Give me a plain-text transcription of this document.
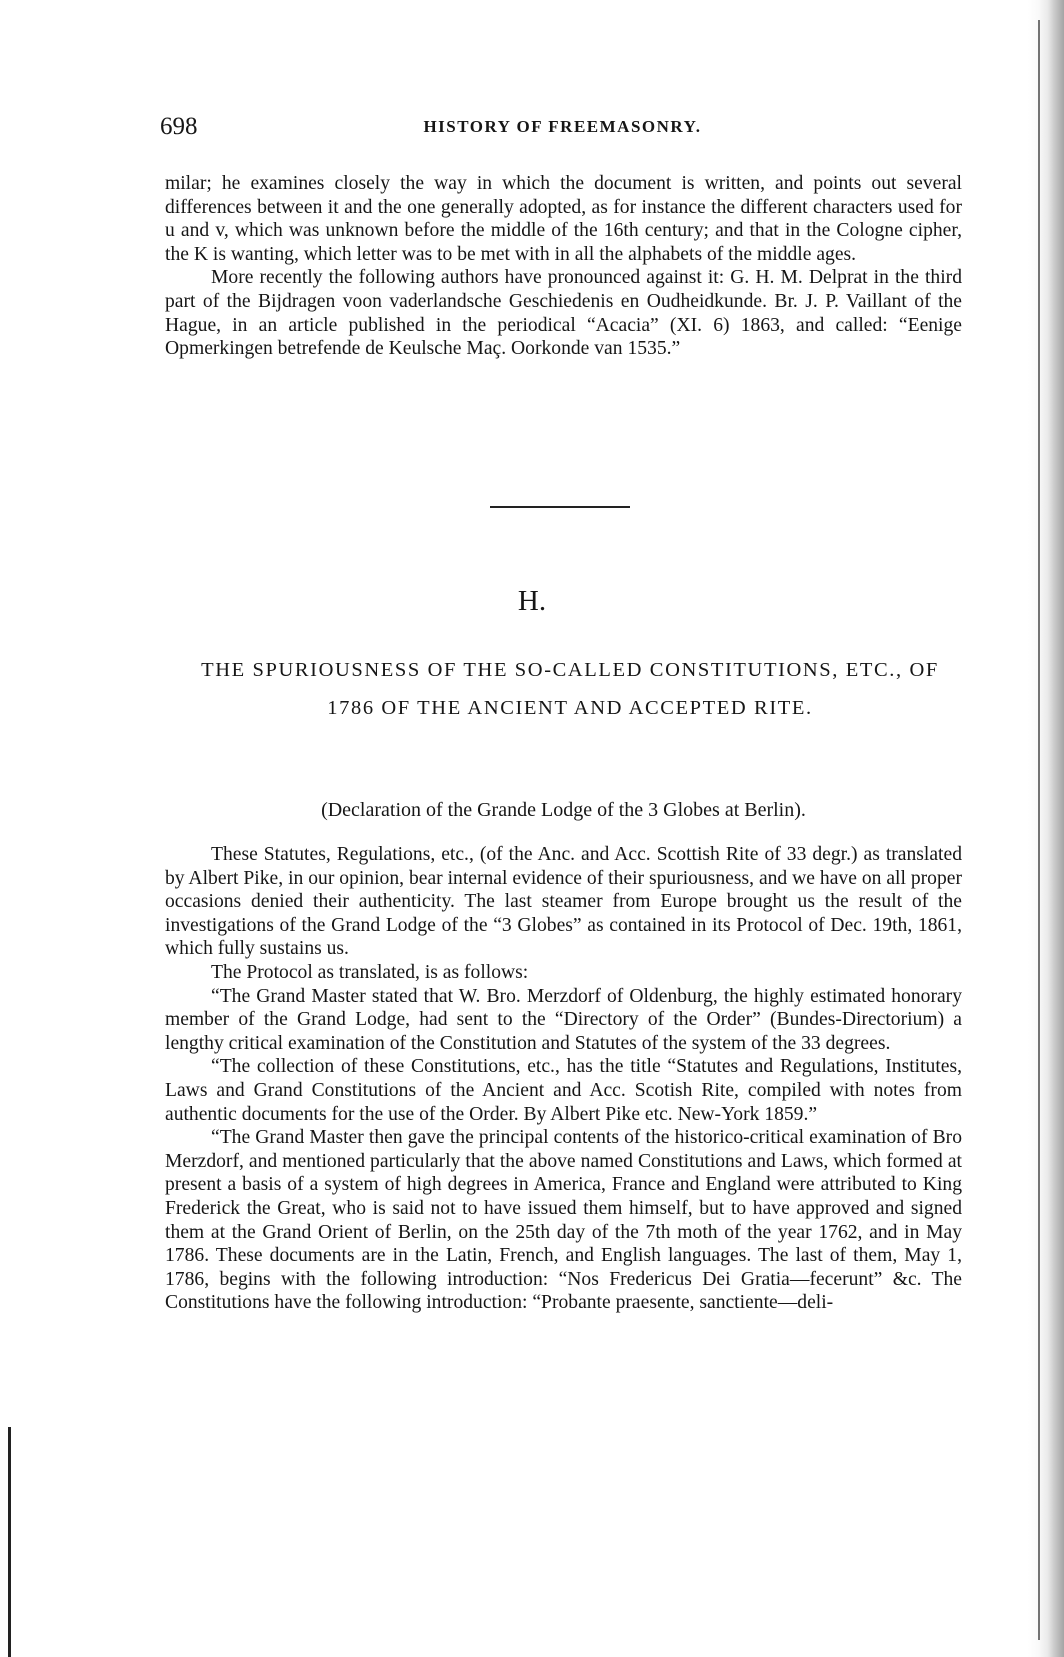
698	HISTORY OF FREEMASONRY.

milar; he examines closely the way in which the document is written, and points out several differences between it and the one generally adopted, as for instance the different characters used for u and v, which was unknown before the middle of the 16th century; and that in the Cologne cipher, the K is wanting, which letter was to be met with in all the alphabets of the middle ages.

More recently the following authors have pronounced against it: G. H. M. Delprat in the third part of the Bijdragen voon vaderlandsche Geschiedenis en Oudheidkunde. Br. J. P. Vaillant of the Hague, in an article published in the periodical “Acacia” (XI. 6) 1863, and called: “Eenige Opmerkingen betrefende de Keulsche Maç. Oorkonde van 1535.”

H.
THE SPURIOUSNESS OF THE SO-CALLED CONSTITUTIONS, ETC., OF 1786 OF THE ANCIENT AND ACCEPTED RITE.
(Declaration of the Grande Lodge of the 3 Globes at Berlin).

These Statutes, Regulations, etc., (of the Anc. and Acc. Scottish Rite of 33 degr.) as translated by Albert Pike, in our opinion, bear internal evidence of their spuriousness, and we have on all proper occasions denied their authenticity. The last steamer from Europe brought us the result of the investigations of the Grand Lodge of the “3 Globes” as contained in its Protocol of Dec. 19th, 1861, which fully sustains us.

The Protocol as translated, is as follows:

“The Grand Master stated that W. Bro. Merzdorf of Oldenburg, the highly estimated honorary member of the Grand Lodge, had sent to the “Directory of the Order” (Bundes-Directorium) a lengthy critical examination of the Constitution and Statutes of the system of the 33 degrees.

“The collection of these Constitutions, etc., has the title “Statutes and Regulations, Institutes, Laws and Grand Constitutions of the Ancient and Acc. Scotish Rite, compiled with notes from authentic documents for the use of the Order. By Albert Pike etc. New-York 1859.”

“The Grand Master then gave the principal contents of the historico-critical examination of Bro Merzdorf, and mentioned particularly that the above named Constitutions and Laws, which formed at present a basis of a system of high degrees in America, France and England were attributed to King Frederick the Great, who is said not to have issued them himself, but to have approved and signed them at the Grand Orient of Berlin, on the 25th day of the 7th moth of the year 1762, and in May 1786. These documents are in the Latin, French, and English languages. The last of them, May 1, 1786, begins with the following introduction: “Nos Fredericus Dei Gratia—fecerunt” &c. The Constitutions have the following introduction: “Probante praesente, sanctiente—deli-
